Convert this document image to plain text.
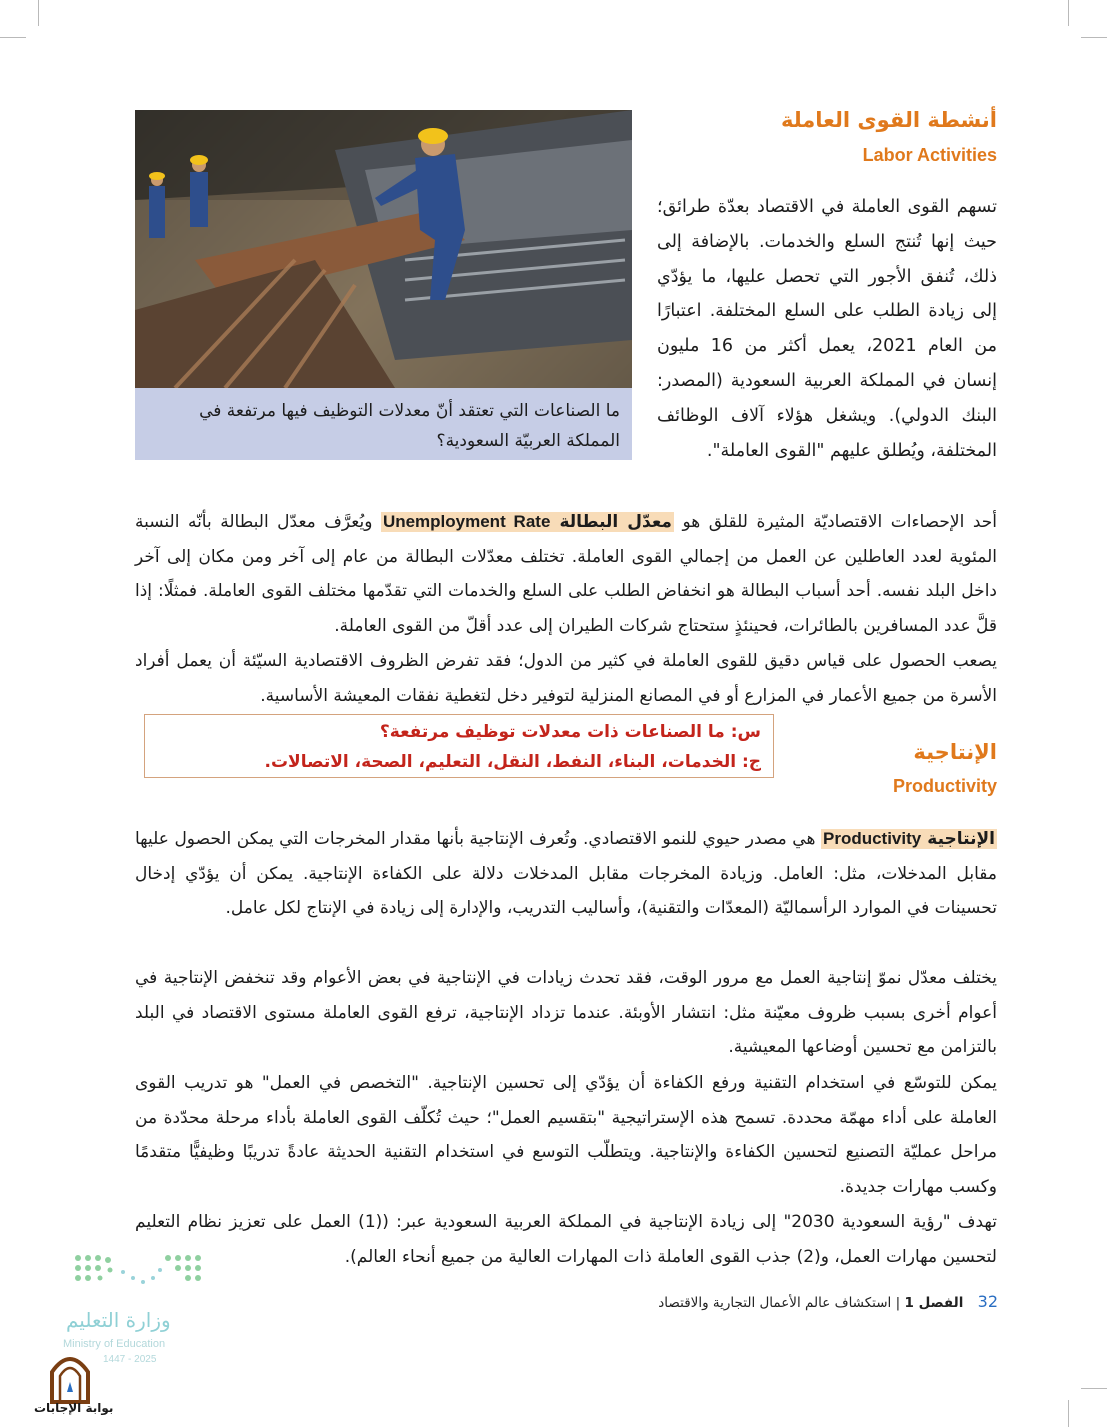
أنشطة القوى العاملة
Labor Activities
تسهم القوى العاملة في الاقتصاد بعدّة طرائق؛ حيث إنها تُنتج السلع والخدمات. بالإضافة إلى ذلك، تُنفق الأجور التي تحصل عليها، ما يؤدّي إلى زيادة الطلب على السلع المختلفة. اعتبارًا من العام 2021، يعمل أكثر من 16 مليون إنسان في المملكة العربية السعودية (المصدر: البنك الدولي). ويشغل هؤلاء آلاف الوظائف المختلفة، ويُطلق عليهم "القوى العاملة".
ما الصناعات التي تعتقد أنّ معدلات التوظيف فيها مرتفعة في المملكة العربيّة السعودية؟
أحد الإحصاءات الاقتصاديّة المثيرة للقلق هو معدّل البطالة Unemployment Rate ويُعرَّف معدّل البطالة بأنّه النسبة المئوية لعدد العاطلين عن العمل من إجمالي القوى العاملة. تختلف معدّلات البطالة من عام إلى آخر ومن مكان إلى آخر داخل البلد نفسه. أحد أسباب البطالة هو انخفاض الطلب على السلع والخدمات التي تقدّمها مختلف القوى العاملة. فمثلًا: إذا قلَّ عدد المسافرين بالطائرات، فحينئذٍ ستحتاج شركات الطيران إلى عدد أقلّ من القوى العاملة.
يصعب الحصول على قياس دقيق للقوى العاملة في كثير من الدول؛ فقد تفرض الظروف الاقتصادية السيّئة أن يعمل أفراد الأسرة من جميع الأعمار في المزارع أو في المصانع المنزلية لتوفير دخل لتغطية نفقات المعيشة الأساسية.
س: ما الصناعات ذات معدلات توظيف مرتفعة؟
ج: الخدمات، البناء، النفط، النقل، التعليم، الصحة، الاتصالات.	الإنتاجية
Productivity
الإنتاجية Productivity هي مصدر حيوي للنمو الاقتصادي. وتُعرف الإنتاجية بأنها مقدار المخرجات التي يمكن الحصول عليها مقابل المدخلات، مثل: العامل. وزيادة المخرجات مقابل المدخلات دلالة على الكفاءة الإنتاجية. يمكن أن يؤدّي إدخال تحسينات في الموارد الرأسماليّة (المعدّات والتقنية)، وأساليب التدريب، والإدارة إلى زيادة في الإنتاج لكل عامل.
يختلف معدّل نموّ إنتاجية العمل مع مرور الوقت، فقد تحدث زيادات في الإنتاجية في بعض الأعوام وقد تنخفض الإنتاجية في أعوام أخرى بسبب ظروف معيّنة مثل: انتشار الأوبئة. عندما تزداد الإنتاجية، ترفع القوى العاملة مستوى الاقتصاد في البلد بالتزامن مع تحسين أوضاعها المعيشية.
يمكن للتوسّع في استخدام التقنية ورفع الكفاءة أن يؤدّي إلى تحسين الإنتاجية. "التخصص في العمل" هو تدريب القوى العاملة على أداء مهمّة محددة. تسمح هذه الإستراتيجية "بتقسيم العمل"؛ حيث تُكلّف القوى العاملة بأداء مرحلة محدّدة من مراحل عمليّة التصنيع لتحسين الكفاءة والإنتاجية. ويتطلّب التوسع في استخدام التقنية الحديثة عادةً تدريبًا وظيفيًّا متقدمًا وكسب مهارات جديدة.
تهدف "رؤية السعودية 2030" إلى زيادة الإنتاجية في المملكة العربية السعودية عبر: ((1) العمل على تعزيز نظام التعليم لتحسين مهارات العمل، و(2) جذب القوى العاملة ذات المهارات العالية من جميع أنحاء العالم).
32 الفصل 1 | استكشاف عالم الأعمال التجارية والاقتصاد
وزارة التعليم
Ministry of Education
2025 - 1447
بوابة الإجابات
